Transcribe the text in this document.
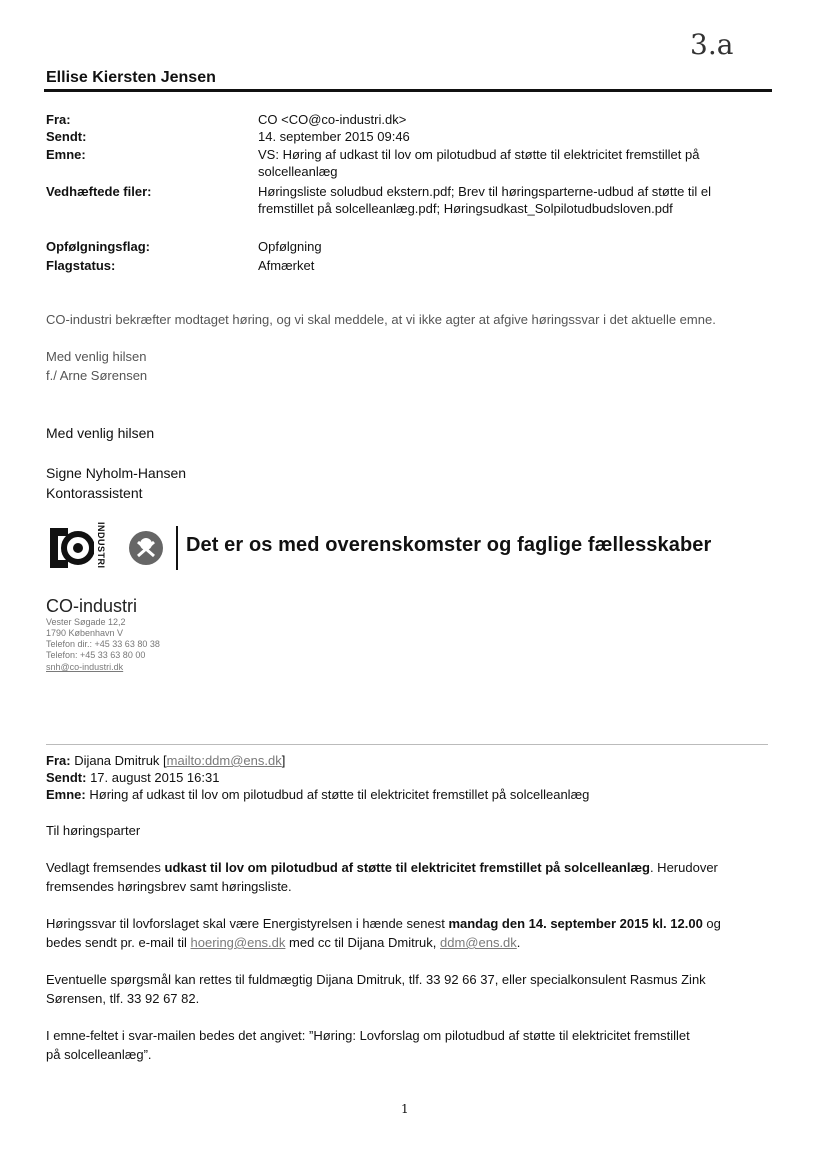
3.a
Ellise Kiersten Jensen
Fra:	CO <CO@co-industri.dk>
Sendt:	14. september 2015 09:46
Emne:	VS: Høring af udkast til lov om pilotudbud af støtte til elektricitet fremstillet på
solcelleanlæg
Vedhæftede filer:	Høringsliste soludbud ekstern.pdf; Brev til høringsparterne-udbud af støtte til el
fremstillet på solcelleanlæg.pdf; Høringsudkast_Solpilotudbudsloven.pdf
Opfølgningsflag:	Opfølgning
Flagstatus:	Afmærket
CO-industri bekræfter modtaget høring, og vi skal meddele, at vi ikke agter at afgive høringssvar i det aktuelle emne.
Med venlig hilsen
f./ Arne Sørensen
Med venlig hilsen
Signe Nyholm-Hansen
Kontorassistent
INDUSTRI	Det er os med overenskomster og faglige fællesskaber
CO-industri
Vester Søgade 12,2
1790 København V
Telefon dir.: +45 33 63 80 38
Telefon: +45 33 63 80 00
snh@co-industri.dk
Fra: Dijana Dmitruk [mailto:ddm@ens.dk]
Sendt: 17. august 2015 16:31
Emne: Høring af udkast til lov om pilotudbud af støtte til elektricitet fremstillet på solcelleanlæg
Til høringsparter
Vedlagt fremsendes udkast til lov om pilotudbud af støtte til elektricitet fremstillet på solcelleanlæg. Herudover
fremsendes høringsbrev samt høringsliste.
Høringssvar til lovforslaget skal være Energistyrelsen i hænde senest mandag den 14. september 2015 kl. 12.00 og
bedes sendt pr. e-mail til hoering@ens.dk med cc til Dijana Dmitruk, ddm@ens.dk.
Eventuelle spørgsmål kan rettes til fuldmægtig Dijana Dmitruk, tlf. 33 92 66 37, eller specialkonsulent Rasmus Zink
Sørensen, tlf. 33 92 67 82.
I emne-feltet i svar-mailen bedes det angivet: ”Høring: Lovforslag om pilotudbud af støtte til elektricitet fremstillet
på solcelleanlæg”.
1
